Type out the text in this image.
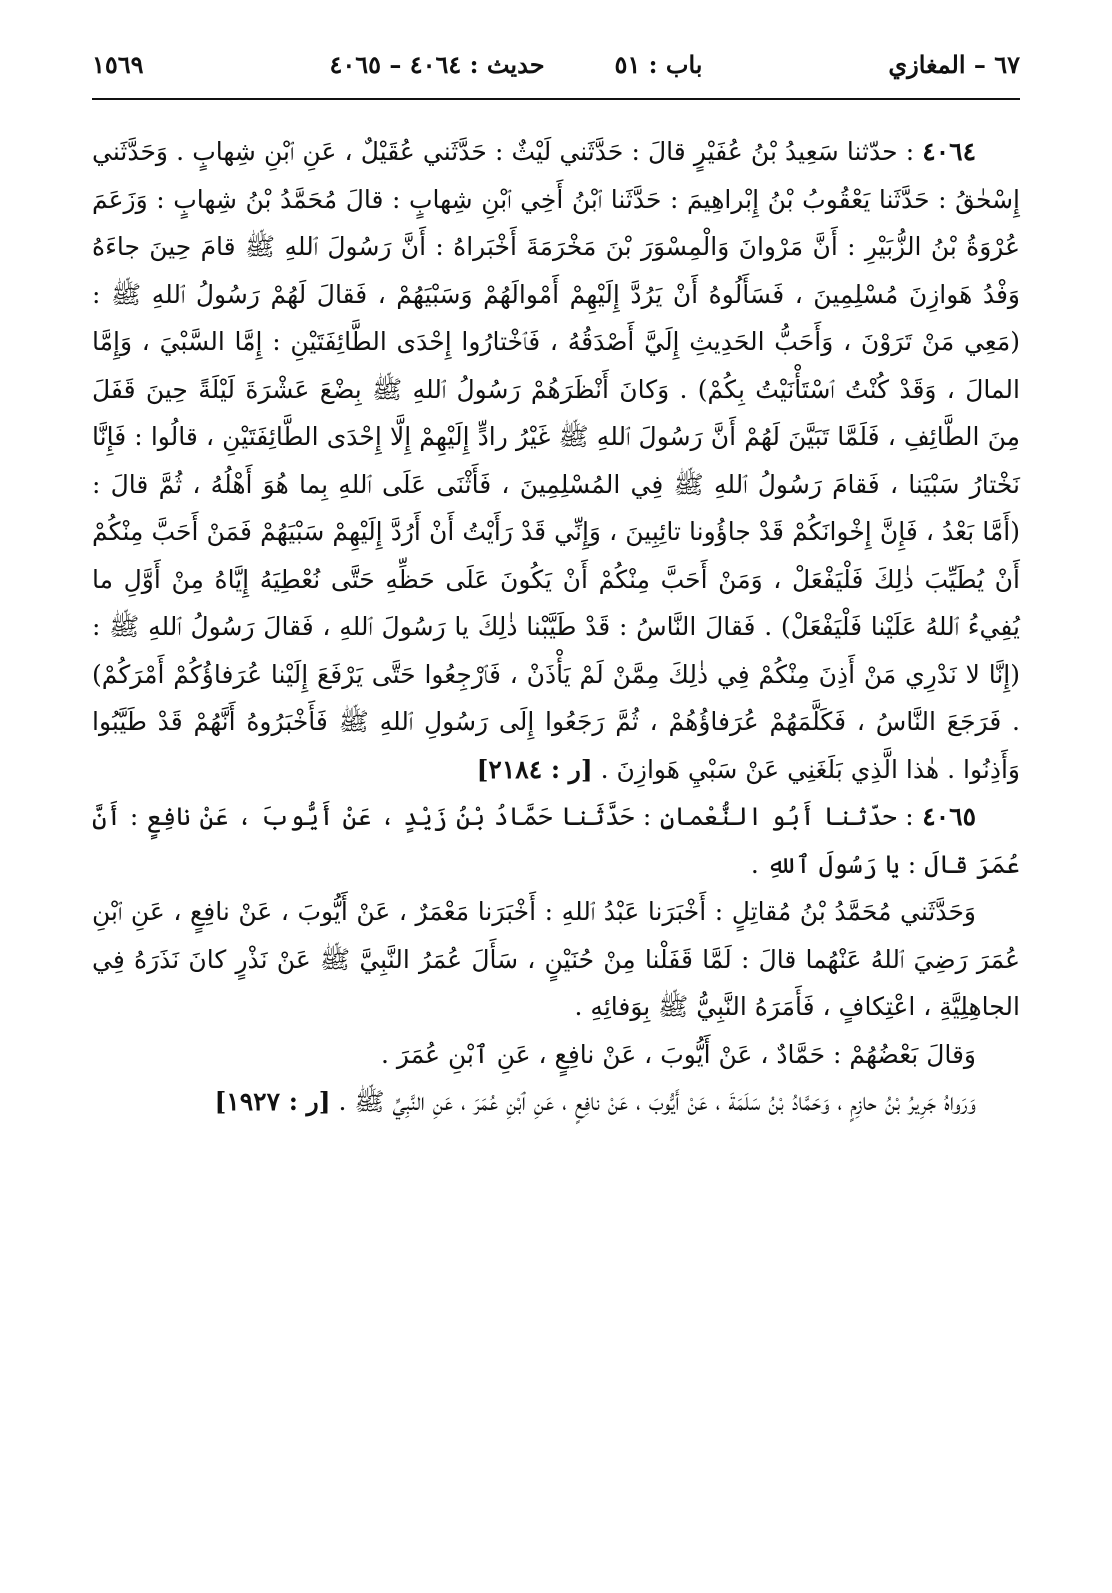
٦٧ – المغازي
باب : ٥١
حديث : ٤٠٦٤ – ٤٠٦٥
١٥٦٩

٤٠٦٤ : حدّثنا سَعِيدُ بْنُ عُفَيْرٍ قالَ : حَدَّثَني لَيْثٌ : حَدَّثَني عُقَيْلٌ ، عَنِ ٱبْنِ شِهابٍ . وَحَدَّثَني إِسْحٰقُ : حَدَّثَنا يَعْقُوبُ بْنُ إِبْراهِيمَ : حَدَّثَنا ٱبْنُ أَخِي ٱبْنِ شِهابٍ : قالَ مُحَمَّدُ بْنُ شِهابٍ : وَزَعَمَ عُرْوَةُ بْنُ الزُّبَيْرِ : أَنَّ مَرْوانَ وَالْمِسْوَرَ بْنَ مَخْرَمَةَ أَخْبَراهُ : أَنَّ رَسُولَ ٱللهِ ﷺ قامَ حِينَ جاءَهُ وَفْدُ هَوازِنَ مُسْلِمِينَ ، فَسَأَلُوهُ أَنْ يَرُدَّ إِلَيْهِمْ أَمْوالَهُمْ وَسَبْيَهُمْ ، فَقالَ لَهُمْ رَسُولُ ٱللهِ ﷺ : (مَعِي مَنْ تَرَوْنَ ، وَأَحَبُّ الحَدِيثِ إِلَيَّ أَصْدَقُهُ ، فَٱخْتارُوا إِحْدَى الطَّائِفَتَيْنِ : إِمَّا السَّبْيَ ، وَإِمَّا المالَ ، وَقَدْ كُنْتُ ٱسْتَأْنَيْتُ بِكُمْ) . وَكانَ أَنْظَرَهُمْ رَسُولُ ٱللهِ ﷺ بِضْعَ عَشْرَةَ لَيْلَةً حِينَ قَفَلَ مِنَ الطَّائِفِ ، فَلَمَّا تَبَيَّنَ لَهُمْ أَنَّ رَسُولَ ٱللهِ ﷺ غَيْرُ رادٍّ إِلَيْهِمْ إِلَّا إِحْدَى الطَّائِفَتَيْنِ ، قالُوا : فَإِنَّا نَخْتارُ سَبْيَنا ، فَقامَ رَسُولُ ٱللهِ ﷺ فِي المُسْلِمِينَ ، فَأَثْنَى عَلَى ٱللهِ بِما هُوَ أَهْلُهُ ، ثُمَّ قالَ : (أَمَّا بَعْدُ ، فَإِنَّ إِخْوانَكُمْ قَدْ جاؤُونا تائِبِينَ ، وَإِنِّي قَدْ رَأَيْتُ أَنْ أَرُدَّ إِلَيْهِمْ سَبْيَهُمْ فَمَنْ أَحَبَّ مِنْكُمْ أَنْ يُطَيِّبَ ذٰلِكَ فَلْيَفْعَلْ ، وَمَنْ أَحَبَّ مِنْكُمْ أَنْ يَكُونَ عَلَى حَظِّهِ حَتَّى نُعْطِيَهُ إِيَّاهُ مِنْ أَوَّلِ ما يُفِيءُ ٱللهُ عَلَيْنا فَلْيَفْعَلْ) . فَقالَ النَّاسُ : قَدْ طَيَّبْنا ذٰلِكَ يا رَسُولَ ٱللهِ ، فَقالَ رَسُولُ ٱللهِ ﷺ : (إِنَّا لا نَدْرِي مَنْ أَذِنَ مِنْكُمْ فِي ذٰلِكَ مِمَّنْ لَمْ يَأْذَنْ ، فَٱرْجِعُوا حَتَّى يَرْفَعَ إِلَيْنا عُرَفاؤُكُمْ أَمْرَكُمْ) . فَرَجَعَ النَّاسُ ، فَكَلَّمَهُمْ عُرَفاؤُهُمْ ، ثُمَّ رَجَعُوا إِلَى رَسُولِ ٱللهِ ﷺ فَأَخْبَرُوهُ أَنَّهُمْ قَدْ طَيَّبُوا وَأَذِنُوا . هٰذا الَّذِي بَلَغَنِي عَنْ سَبْيِ هَوازِنَ . [ر : ٢١٨٤]

٤٠٦٥ : حدّثنا أَبُو النُّعْمانِ : حَدَّثَنا حَمَّادُ بْنُ زَيْدٍ ، عَنْ أَيُّوبَ ، عَنْ نافِعٍ : أَنَّ عُمَرَ قالَ : يا رَسُولَ ٱللهِ .

وَحَدَّثَني مُحَمَّدُ بْنُ مُقاتِلٍ : أَخْبَرَنا عَبْدُ ٱللهِ : أَخْبَرَنا مَعْمَرٌ ، عَنْ أَيُّوبَ ، عَنْ نافِعٍ ، عَنِ ٱبْنِ عُمَرَ رَضِيَ ٱللهُ عَنْهُما قالَ : لَمَّا قَفَلْنا مِنْ حُنَيْنٍ ، سَأَلَ عُمَرُ النَّبِيَّ ﷺ عَنْ نَذْرٍ كانَ نَذَرَهُ فِي الجاهِلِيَّةِ ، اعْتِكافٍ ، فَأَمَرَهُ النَّبِيُّ ﷺ بِوَفائِهِ .

وَقالَ بَعْضُهُمْ : حَمَّادٌ ، عَنْ أَيُّوبَ ، عَنْ نافِعٍ ، عَنِ ٱبْنِ عُمَرَ .

وَرَواهُ جَرِيرُ بْنُ حازِمٍ ، وَحَمَّادُ بْنُ سَلَمَةَ ، عَنْ أَيُّوبَ ، عَنْ نافِعٍ ، عَنِ ٱبْنِ عُمَرَ ، عَنِ النَّبِيِّ ﷺ . [ر : ١٩٢٧]
